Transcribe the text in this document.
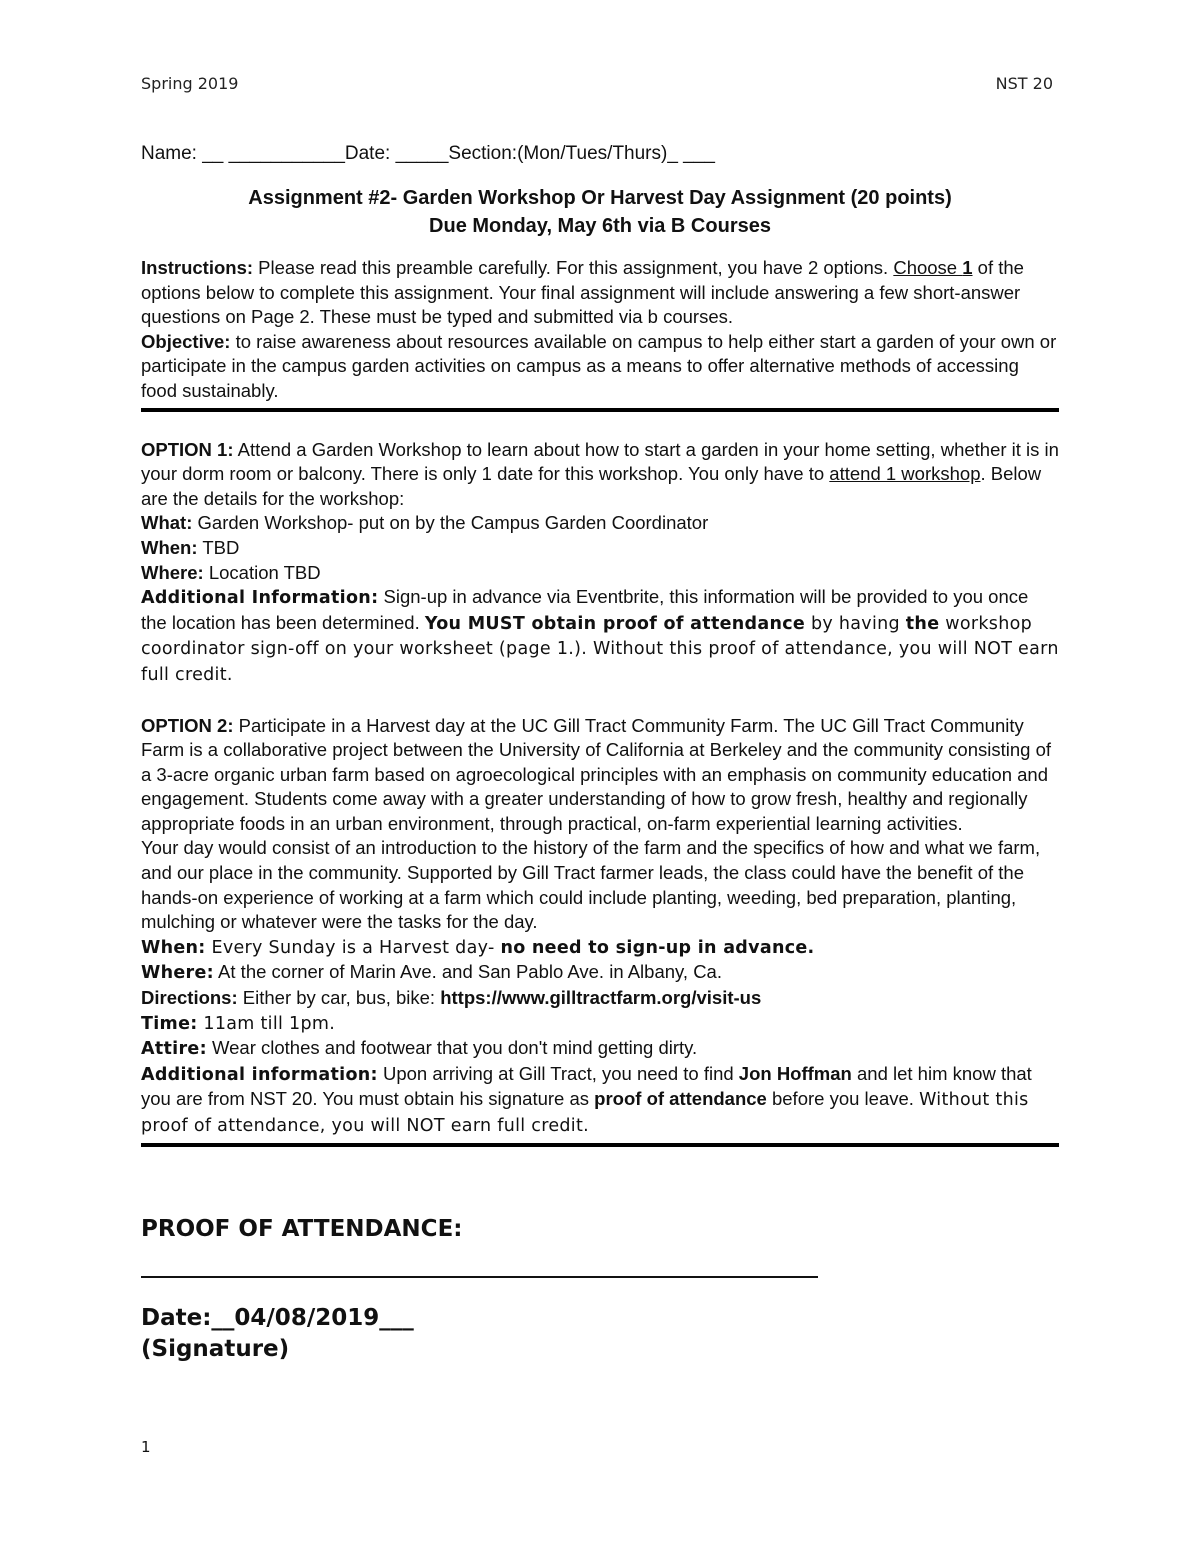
Spring 2019	NST 20

Name: __ ___________Date: _____Section:(Mon/Tues/Thurs)_ ___

Assignment #2- Garden Workshop Or Harvest Day Assignment (20 points)

Due Monday, May 6th via B Courses

Instructions: Please read this preamble carefully. For this assignment, you have 2 options. Choose 1 of the options below to complete this assignment. Your final assignment will include answering a few short-answer questions on Page 2. These must be typed and submitted via b courses.

Objective: to raise awareness about resources available on campus to help either start a garden of your own or participate in the campus garden activities on campus as a means to offer alternative methods of accessing food sustainably.

OPTION 1: Attend a Garden Workshop to learn about how to start a garden in your home setting, whether it is in your dorm room or balcony. There is only 1 date for this workshop. You only have to attend 1 workshop. Below are the details for the workshop:

What: Garden Workshop- put on by the Campus Garden Coordinator

When: TBD

Where: Location TBD

Additional Information: Sign-up in advance via Eventbrite, this information will be provided to you once the location has been determined. You MUST obtain proof of attendance by having the workshop coordinator sign-off on your worksheet (page 1.). Without this proof of attendance, you will NOT earn full credit.

OPTION 2: Participate in a Harvest day at the UC Gill Tract Community Farm. The UC Gill Tract Community Farm is a collaborative project between the University of California at Berkeley and the community consisting of a 3-acre organic urban farm based on agroecological principles with an emphasis on community education and engagement. Students come away with a greater understanding of how to grow fresh, healthy and regionally appropriate foods in an urban environment, through practical, on-farm experiential learning activities.

Your day would consist of an introduction to the history of the farm and the specifics of how and what we farm, and our place in the community. Supported by Gill Tract farmer leads, the class could have the benefit of the hands-on experience of working at a farm which could include planting, weeding, bed preparation, planting, mulching or whatever were the tasks for the day.

When: Every Sunday is a Harvest day- no need to sign-up in advance.

Where: At the corner of Marin Ave. and San Pablo Ave. in Albany, Ca.

Directions: Either by car, bus, bike: https://www.gilltractfarm.org/visit-us

Time: 11am till 1pm.

Attire: Wear clothes and footwear that you don't mind getting dirty.

Additional information: Upon arriving at Gill Tract, you need to find Jon Hoffman and let him know that you are from NST 20. You must obtain his signature as proof of attendance before you leave. Without this proof of attendance, you will NOT earn full credit.

PROOF OF ATTENDANCE:

Date:__04/08/2019___
(Signature)
1
